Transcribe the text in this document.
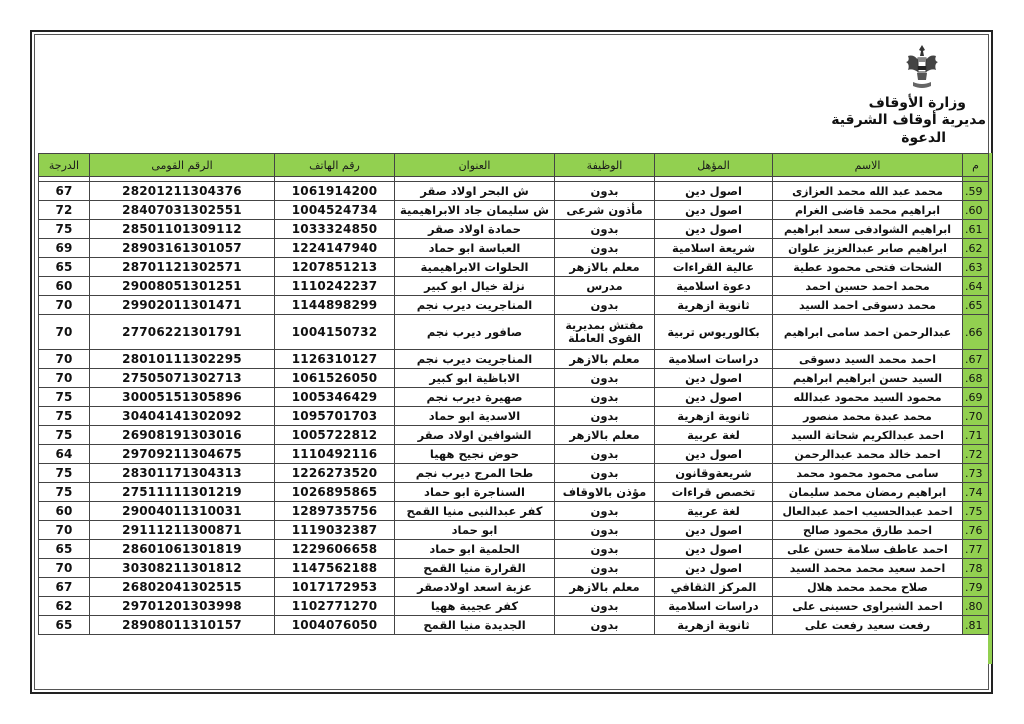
وزارة الأوقاف
مديرية أوقاف الشرقية
الدعوة
م	الاسم	المؤهل	الوظيفة	العنوان	رقم الهاتف	الرقم القومى	الدرجة

59.	محمد عبد الله محمد العزازى	اصول دين	بدون	ش البحر اولاد صقر	1061914200	28201211304376	67
60.	ابراهيم محمد قاضى الغرام	اصول دين	مأذون شرعى	ش سليمان جاد الابراهيمية	1004524734	28407031302551	72
61.	ابراهيم الشوادفى سعد ابراهيم	اصول دين	بدون	حمادة اولاد صقر	1033324850	28501101309112	75
62.	ابراهيم صابر عبدالعزيز علوان	شريعة اسلامية	بدون	العباسة ابو حماد	1224147940	28903161301057	69
63.	الشحات فتحى محمود عطية	عالية القراءات	معلم بالازهر	الحلوات الابراهيمية	1207851213	28701121302571	65
64.	محمد احمد حسين احمد	دعوة اسلامية	مدرس	نزلة خيال ابو كبير	1110242237	29008051301251	60
65.	محمد دسوقى احمد السيد	ثانوية ازهرية	بدون	المناجريت ديرب نجم	1144898299	29902011301471	70
66.	عبدالرحمن احمد سامى ابراهيم	بكالوريوس تربية	مفتش بمديرية القوى العاملة	صافور ديرب نجم	1004150732	27706221301791	70
67.	احمد محمد السيد دسوقى	دراسات اسلامية	معلم بالازهر	المناجريت ديرب نجم	1126310127	28010111302295	70
68.	السيد حسن ابراهيم ابراهيم	اصول دين	بدون	الاباظية ابو كبير	1061526050	27505071302713	70
69.	محمود السيد محمود عبدالله	اصول دين	بدون	صهيرة ديرب نجم	1005346429	30005151305896	75
70.	محمد عبدة محمد منصور	ثانوية ازهرية	بدون	الاسدية ابو حماد	1095701703	30404141302092	75
71.	احمد عبدالكريم شحاتة السيد	لغة عربية	معلم بالازهر	الشوافين اولاد صقر	1005722812	26908191303016	75
72.	احمد خالد محمد عبدالرحمن	اصول دين	بدون	حوض نجيح ههيا	1110492116	29709211304675	64
73.	سامى محمود محمود محمد	شريعةوقانون	بدون	طحا المرج ديرب نجم	1226273520	28301171304313	75
74.	ابراهيم رمضان محمد سليمان	تخصص قراءات	مؤذن بالاوقاف	السناجرة ابو حماد	1026895865	27511111301219	75
75.	احمد عبدالحسيب احمد عبدالعال	لغة عربية	بدون	كفر عبدالنبى منيا القمح	1289735756	29004011310031	60
76.	احمد طارق محمود صالح	اصول دين	بدون	ابو حماد	1119032387	29111211300871	70
77.	احمد عاطف سلامة حسن على	اصول دين	بدون	الحلمية ابو حماد	1229606658	28601061301819	65
78.	احمد سعيد محمد محمد السيد	اصول دين	بدون	القرارة منيا القمح	1147562188	30308211301812	70
79.	صلاح محمد محمد هلال	المركز الثقافي	معلم بالازهر	عزبة اسعد اولادصقر	1017172953	26802041302515	67
80.	احمد الشبراوى حسينى على	دراسات اسلامية	بدون	كفر عجيبة ههيا	1102771270	29701201303998	62
81.	رفعت سعيد رفعت على	ثانوية ازهرية	بدون	الجديدة منيا القمح	1004076050	28908011310157	65
